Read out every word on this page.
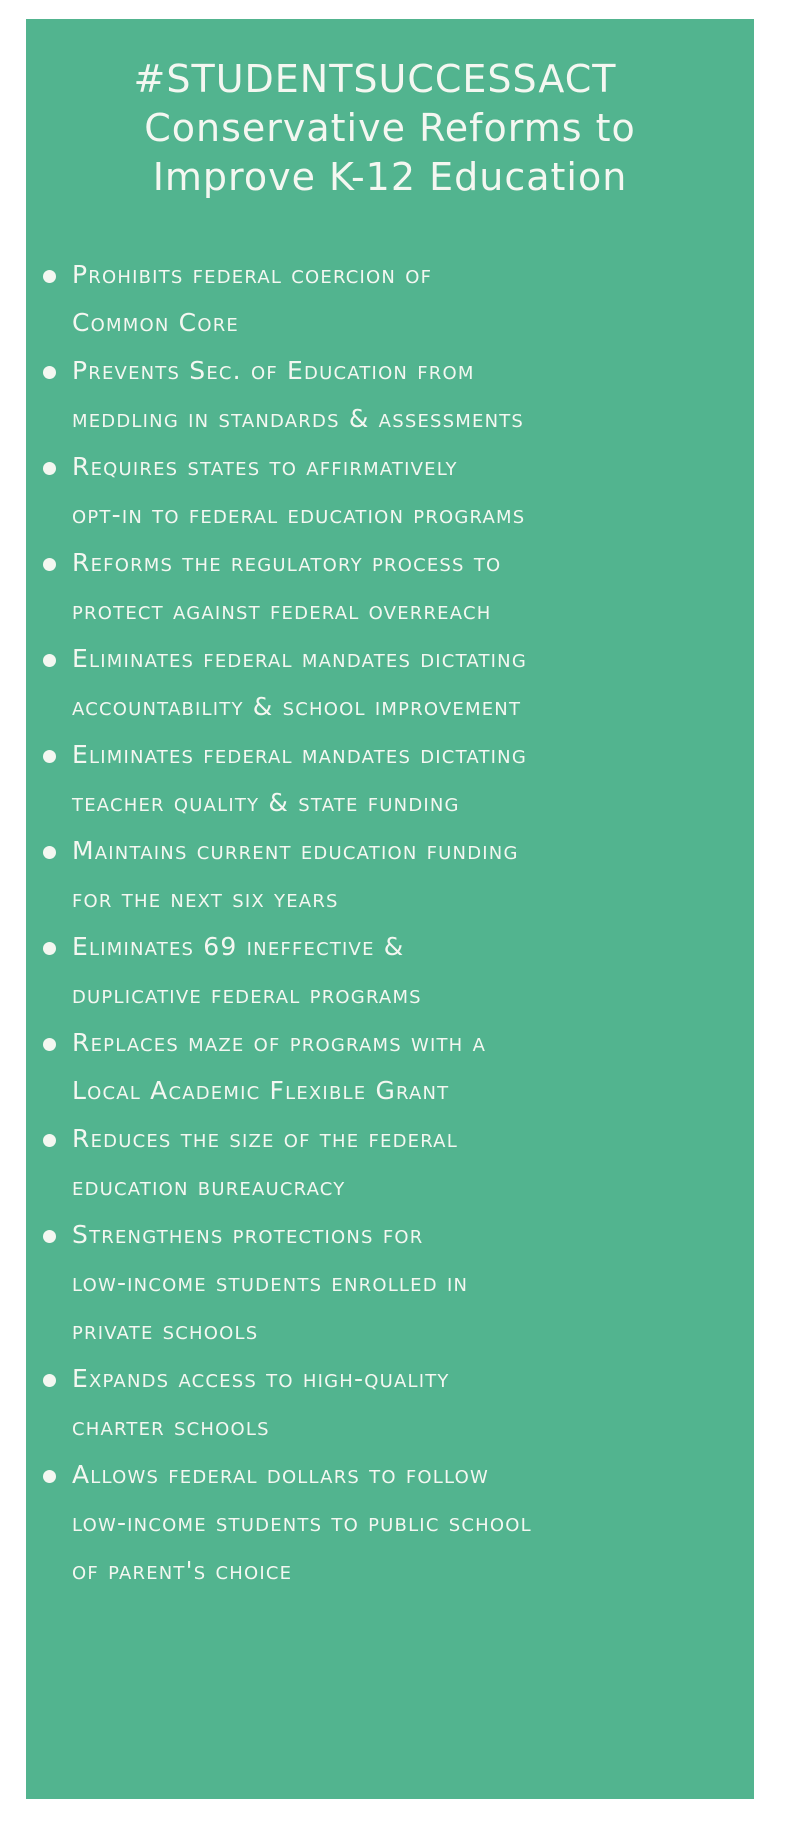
#STUDENTSUCCESSACT
Conservative Reforms to
Improve K-12 Education
Prohibits federal coercion of
Common Core
Prevents Sec. of Education from
meddling in standards & assessments
Requires states to affirmatively
opt-in to federal education programs
Reforms the regulatory process to
protect against federal overreach
Eliminates federal mandates dictating
accountability & school improvement
Eliminates federal mandates dictating
teacher quality & state funding
Maintains current education funding
for the next six years
Eliminates 69 ineffective &
duplicative federal programs
Replaces maze of programs with a
Local Academic Flexible Grant
Reduces the size of the federal
education bureaucracy
Strengthens protections for
low-income students enrolled in
private schools
Expands access to high-quality
charter schools
Allows federal dollars to follow
low-income students to public school
of parent's choice
